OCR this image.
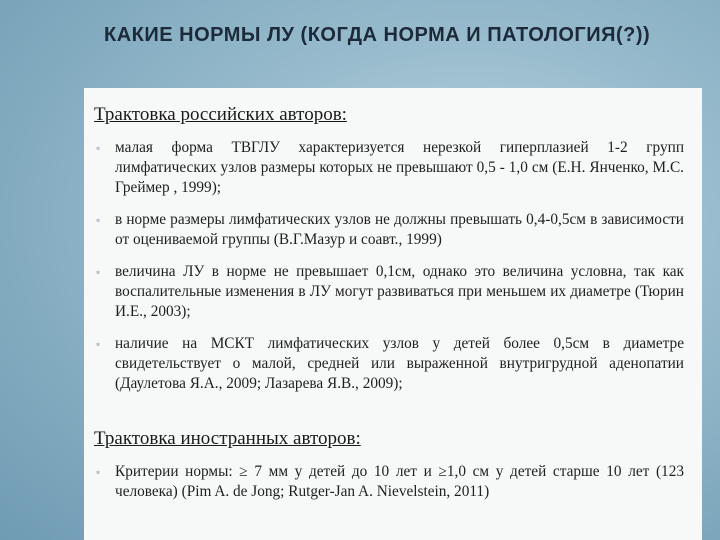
КАКИЕ НОРМЫ ЛУ (КОГДА НОРМА И ПАТОЛОГИЯ(?))
Трактовка российских авторов:
▪ малая форма ТВГЛУ характеризуется нерезкой гиперплазией 1-2 групп лимфатических узлов размеры которых не превышают 0,5 - 1,0 см (Е.Н. Янченко, М.С. Греймер , 1999);
▪ в норме размеры лимфатических узлов не должны превышать 0,4-0,5см в зависимости от оцениваемой группы (В.Г.Мазур и соавт., 1999)
▪ величина ЛУ в норме не превышает 0,1см, однако это величина условна, так как воспалительные изменения в ЛУ могут развиваться при меньшем их диаметре (Тюрин И.Е., 2003);
▪ наличие на МСКТ лимфатических узлов у детей более 0,5см в диаметре свидетельствует о малой, средней или выраженной внутригрудной аденопатии (Даулетова Я.А., 2009; Лазарева Я.В., 2009);
Трактовка иностранных авторов:
▪ Критерии нормы: ≥ 7 мм у детей до 10 лет и ≥1,0 см у детей старше 10 лет (123 человека) (Pim A. de Jong; Rutger-Jan A. Nievelstein, 2011)
